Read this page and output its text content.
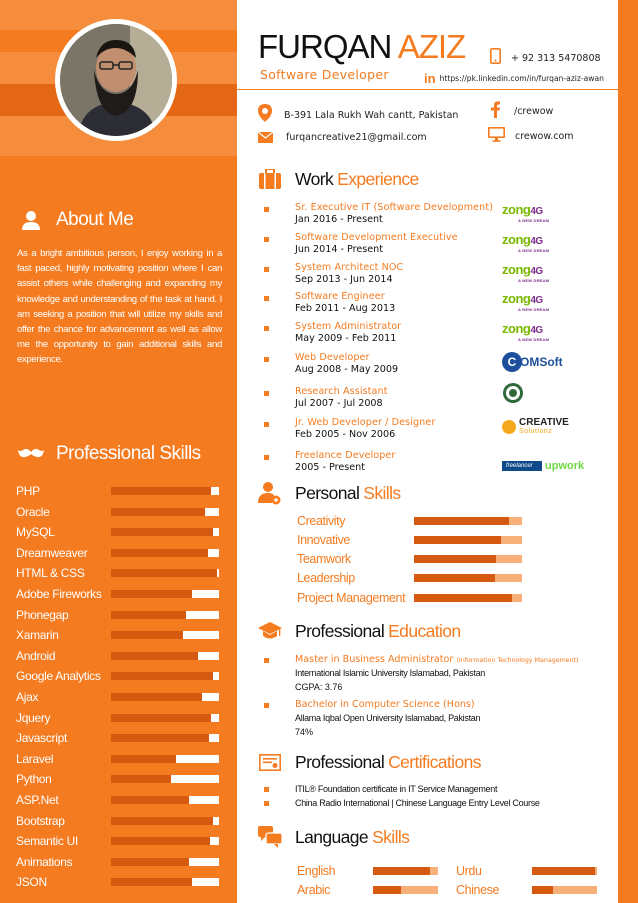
About Me
As a bright ambitious person, I enjoy working in a fast paced, highly motivating position where I can assist others while challenging and expanding my knowledge and understanding of the task at hand. I am seeking a position that will utilize my skills and offer the chance for advancement as well as allow me the opportunity to gain additional skills and experience.
Professional Skills
PHP
Oracle
MySQL
Dreamweaver
HTML & CSS
Adobe Fireworks
Phonegap
Xamarin
Android
Google Analytics
Ajax
Jquery
Javascript
Laravel
Python
ASP.Net
Bootstrap
Semantic UI
Animations
JSON
FURQAN AZIZ
Software Developer
+ 92 313 5470808
in https://pk.linkedin.com/in/furqan-aziz-awan
B-391 Lala Rukh Wah cantt, Pakistan
furqancreative21@gmail.com
/crewow
crewow.com
Work Experience
Sr. Executive IT (Software Development)
Jan 2016 - Present
zong4G
A NEW DREAM
Software Development Executive
Jun 2014 - Present
zong4G
A NEW DREAM
System Architect NOC
Sep 2013 - Jun 2014
zong4G
A NEW DREAM
Software Engineer
Feb 2011 - Aug 2013
zong4G
A NEW DREAM
System Administrator
May 2009 - Feb 2011
zong4G
A NEW DREAM
Web Developer
Aug 2008 - May 2009
C OMSoft
Research Assistant
Jul 2007 - Jul 2008
Jr. Web Developer / Designer
Feb 2005 - Nov 2006
CREATIVE
Solutionz
Freelance Developer
2005 - Present	freelancer upwork
Personal Skills
Creativity
Innovative
Teamwork
Leadership
Project Management
Professional Education
Master in Business Administrator (Information Technology Management)
International Islamic University Islamabad, Pakistan
CGPA: 3.76
Bachelor in Computer Science (Hons)
Allama Iqbal Open University Islamabad, Pakistan
74%
Professional Certifications
ITIL® Foundation certificate in IT Service Management
China Radio International | Chinese Language Entry Level Course
Language Skills
English	Urdu
Arabic	Chinese
